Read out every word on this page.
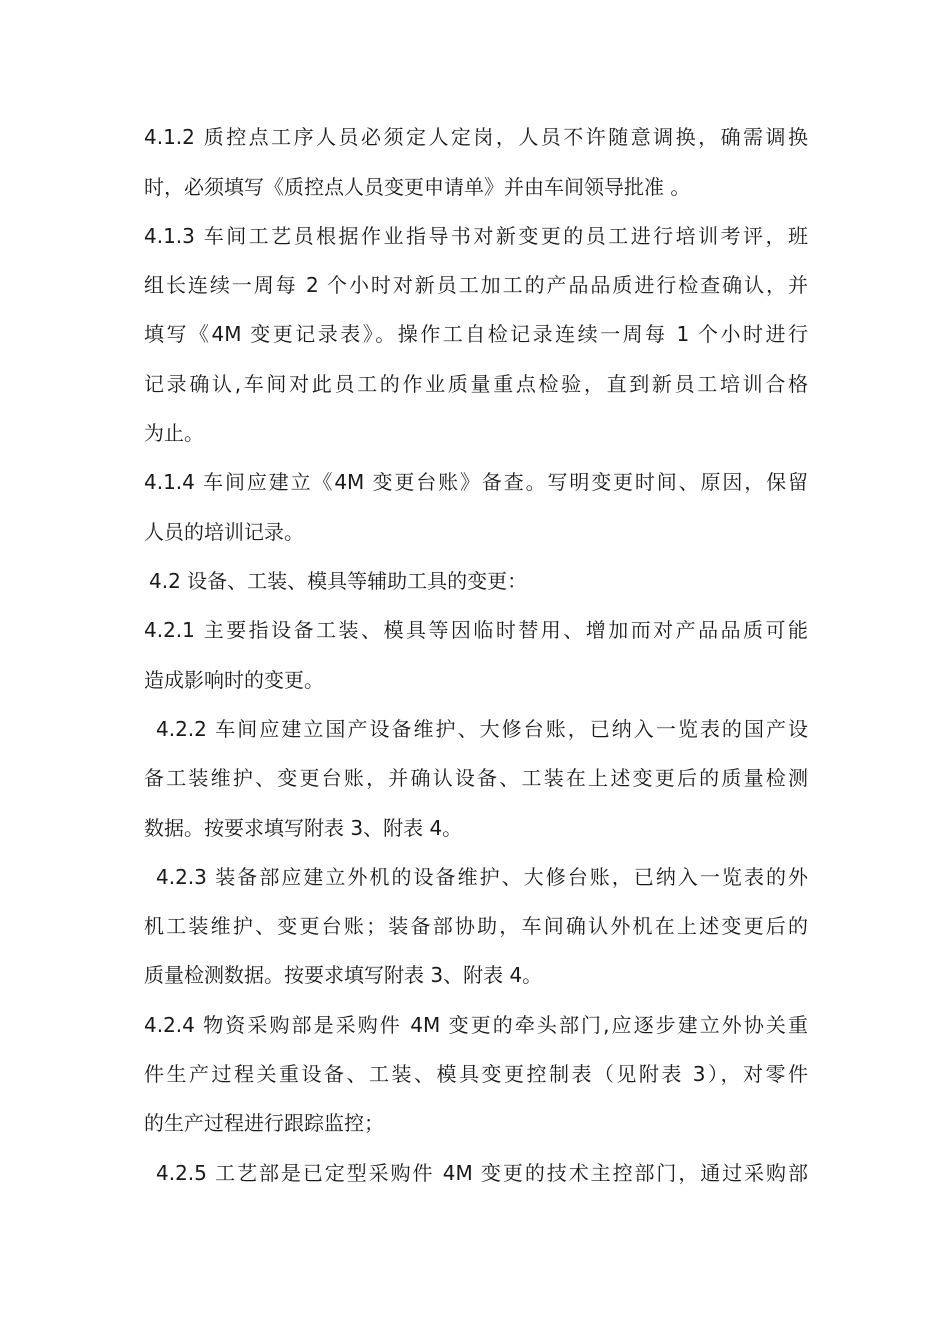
4.1.2 质控点工序人员必须定人定岗，人员不许随意调换，确需调换
时，必须填写《质控点人员变更申请单》并由车间领导批准 。
4.1.3 车间工艺员根据作业指导书对新变更的员工进行培训考评，班
组长连续一周每 2 个小时对新员工加工的产品品质进行检查确认，并
填写《4M 变更记录表》。操作工自检记录连续一周每 1 个小时进行
记录确认,车间对此员工的作业质量重点检验，直到新员工培训合格
为止。
4.1.4 车间应建立《4M 变更台账》备查。写明变更时间、原因，保留
人员的培训记录。
4.2 设备、工装、模具等辅助工具的变更：
4.2.1 主要指设备工装、模具等因临时替用、增加而对产品品质可能
造成影响时的变更。
4.2.2 车间应建立国产设备维护、大修台账，已纳入一览表的国产设
备工装维护、变更台账，并确认设备、工装在上述变更后的质量检测
数据。按要求填写附表 3、附表 4。
4.2.3 装备部应建立外机的设备维护、大修台账，已纳入一览表的外
机工装维护、变更台账；装备部协助，车间确认外机在上述变更后的
质量检测数据。按要求填写附表 3、附表 4。
4.2.4 物资采购部是采购件 4M 变更的牵头部门,应逐步建立外协关重
件生产过程关重设备、工装、模具变更控制表（见附表 3），对零件
的生产过程进行跟踪监控；
4.2.5 工艺部是已定型采购件 4M 变更的技术主控部门，通过采购部
